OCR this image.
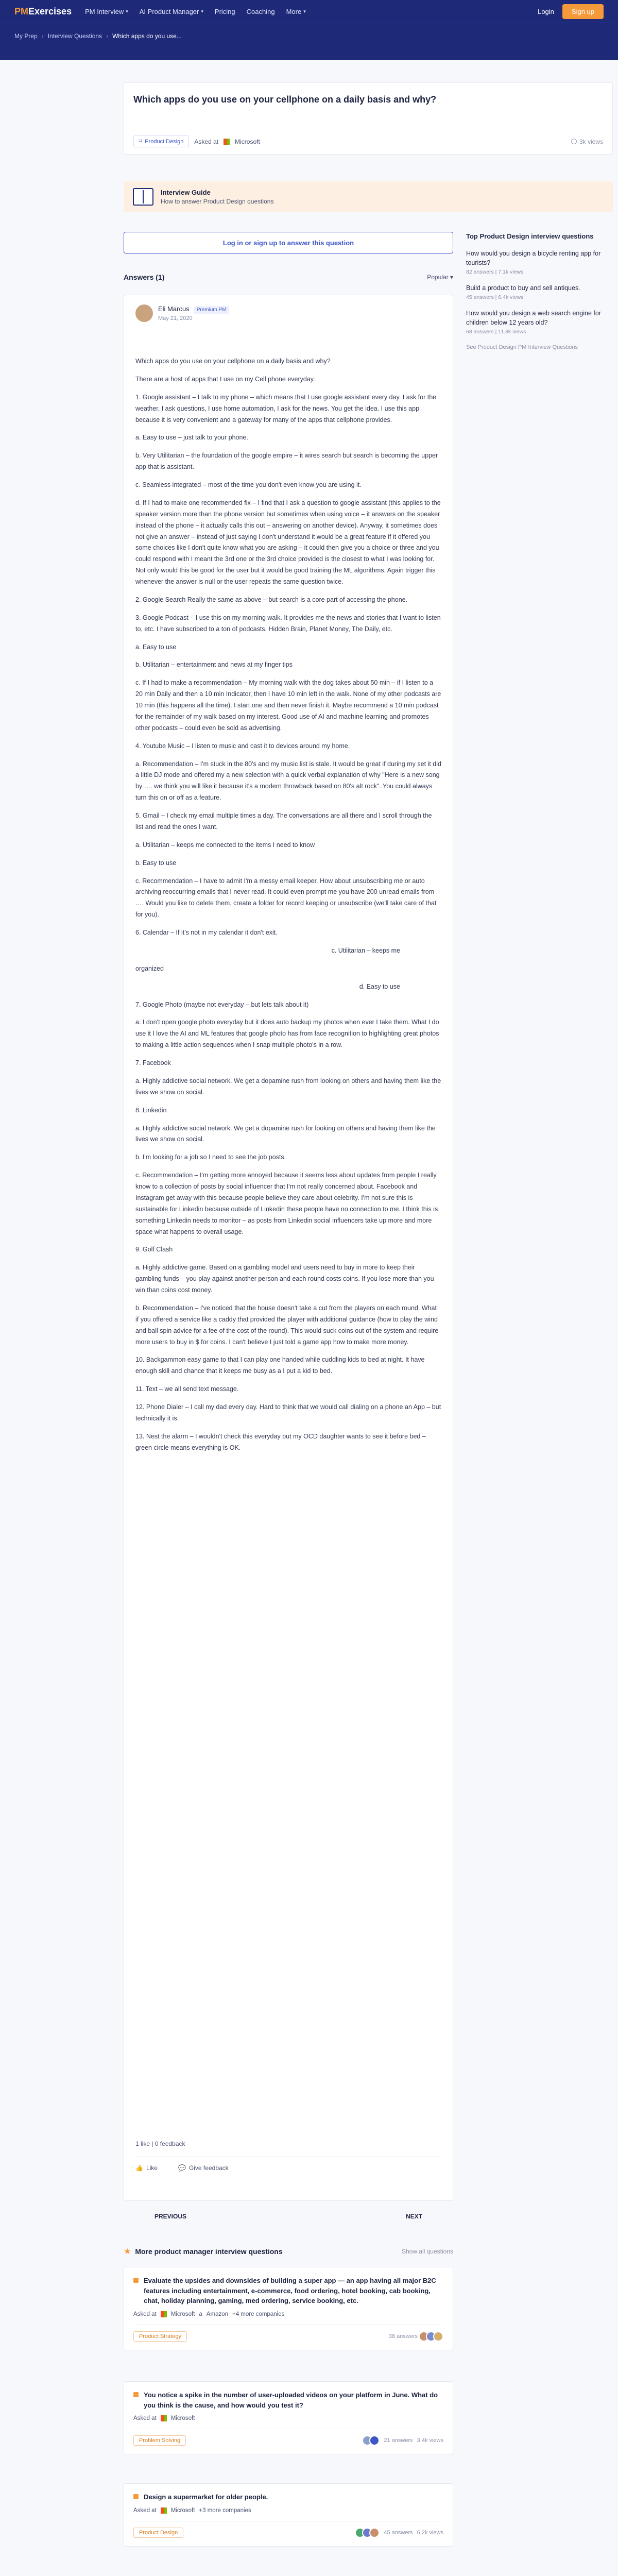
PMExercises PM Interview ▾ AI Product Manager ▾ Pricing Coaching More ▾	Login	Sign up
My Prep › Interview Questions › Which apps do you use...
Which apps do you use on your cellphone on a daily basis and why?
⌗ Product Design Asked at	Microsoft	3k views
Interview Guide
How to answer Product Design questions
Log in or sign up to answer this question
Answers (1)	Popular ▾
Eli Marcus Premium PM
May 21, 2020

Which apps do you use on your cellphone on a daily basis and why?

There are a host of apps that I use on my Cell phone everyday.

1. Google assistant – I talk to my phone – which means that I use google assistant every day. I ask for the weather, I ask questions, I use home automation, I ask for the news. You get the idea. I use this app because it is very convenient and a gateway for many of the apps that cellphone provides.

a. Easy to use – just talk to your phone.

b. Very Utilitarian – the foundation of the google empire – it wires search but search is becoming the upper app that is assistant.

c. Seamless integrated – most of the time you don't even know you are using it.

d. If I had to make one recommended fix – I find that I ask a question to google assistant (this applies to the speaker version more than the phone version but sometimes when using voice – it answers on the speaker instead of the phone – it actually calls this out – answering on another device). Anyway, it sometimes does not give an answer – instead of just saying I don't understand it would be a great feature if it offered you some choices like I don't quite know what you are asking – it could then give you a choice or three and you could respond with I meant the 3rd one or the 3rd choice provided is the closest to what I was looking for. Not only would this be good for the user but it would be good training the ML algorithms. Again trigger this whenever the answer is null or the user repeats the same question twice.

2. Google Search Really the same as above – but search is a core part of accessing the phone.

3. Google Podcast – I use this on my morning walk. It provides me the news and stories that I want to listen to, etc. I have subscribed to a ton of podcasts. Hidden Brain, Planet Money, The Daily, etc.

a. Easy to use

b. Utilitarian – entertainment and news at my finger tips

c. If I had to make a recommendation – My morning walk with the dog takes about 50 min – if I listen to a 20 min Daily and then a 10 min Indicator, then I have 10 min left in the walk. None of my other podcasts are 10 min (this happens all the time). I start one and then never finish it. Maybe recommend a 10 min podcast for the remainder of my walk based on my interest. Good use of AI and machine learning and promotes other podcasts – could even be sold as advertising.

4. Youtube Music – I listen to music and cast it to devices around my home.

a. Recommendation – I'm stuck in the 80's and my music list is stale. It would be great if during my set it did a little DJ mode and offered my a new selection with a quick verbal explanation of why "Here is a new song by …. we think you will like it because it's a modern throwback based on 80's alt rock". You could always turn this on or off as a feature.

5. Gmail – I check my email multiple times a day. The conversations are all there and I scroll through the list and read the ones I want.

a. Utilitarian – keeps me connected to the items I need to know

b. Easy to use

c. Recommendation – I have to admit I'm a messy email keeper. How about unsubscribing me or auto archiving reoccurring emails that I never read. It could even prompt me you have 200 unread emails from …. Would you like to delete them, create a folder for record keeping or unsubscribe (we'll take care of that for you).

6. Calendar – If it's not in my calendar it don't exit.

c. Utilitarian – keeps me

organized

d. Easy to use

7. Google Photo (maybe not everyday – but lets talk about it)

a. I don't open google photo everyday but it does auto backup my photos when ever I take them. What I do use it I love the AI and ML features that google photo has from face recognition to highlighting great photos to making a little action sequences when I snap multiple photo's in a row.

7. Facebook

a. Highly addictive social network. We get a dopamine rush from looking on others and having them like the lives we show on social.

8. Linkedin

a. Highly addictive social network. We get a dopamine rush for looking on others and having them like the lives we show on social.

b. I'm looking for a job so I need to see the job posts.

c. Recommendation – I'm getting more annoyed because it seems less about updates from people I really know to a collection of posts by social influencer that I'm not really concerned about. Facebook and Instagram get away with this because people believe they care about celebrity. I'm not sure this is sustainable for Linkedin because outside of Linkedin these people have no connection to me. I think this is something Linkedin needs to monitor – as posts from Linkedin social influencers take up more and more space what happens to overall usage.

9. Golf Clash

a. Highly addictive game. Based on a gambling model and users need to buy in more to keep their gambling funds – you play against another person and each round costs coins. If you lose more than you win than coins cost money.

b. Recommendation – I've noticed that the house doesn't take a cut from the players on each round. What if you offered a service like a caddy that provided the player with additional guidance (how to play the wind and ball spin advice for a fee of the cost of the round). This would suck coins out of the system and require more users to buy in $ for coins. I can't believe I just told a game app how to make more money.

10. Backgammon easy game to that I can play one handed while cuddling kids to bed at night. It have enough skill and chance that it keeps me busy as a I put a kid to bed.

11. Text – we all send text message.

12. Phone Dialer – I call my dad every day. Hard to think that we would call dialing on a phone an App – but technically it is.

13. Nest the alarm – I wouldn't check this everyday but my OCD daughter wants to see it before bed – green circle means everything is OK.

1 like | 0 feedback
👍 Like	💬 Give feedback
PREVIOUS	NEXT
Top Product Design interview questions
How would you design a bicycle renting app for tourists?
82 answers | 7.1k views
Build a product to buy and sell antiques.
45 answers | 6.4k views
How would you design a web search engine for children below 12 years old?
68 answers | 11.8k views
See Product Design PM Interview Questions
★ More product manager interview questions	Show all questions
Evaluate the upsides and downsides of building a super app — an app having all major B2C features including entertainment, e-commerce, food ordering, hotel booking, cab booking, chat, holiday planning, gaming, med ordering, service booking, etc.
Asked at Microsoft a Amazon +4 more companies
Product Strategy	38 answers
You notice a spike in the number of user-uploaded videos on your platform in June. What do you think is the cause, and how would you test it?
Asked at Microsoft
Problem Solving	21 answers 3.4k views
Design a supermarket for older people.
Asked at Microsoft +3 more companies
Product Design	45 answers 6.2k views
